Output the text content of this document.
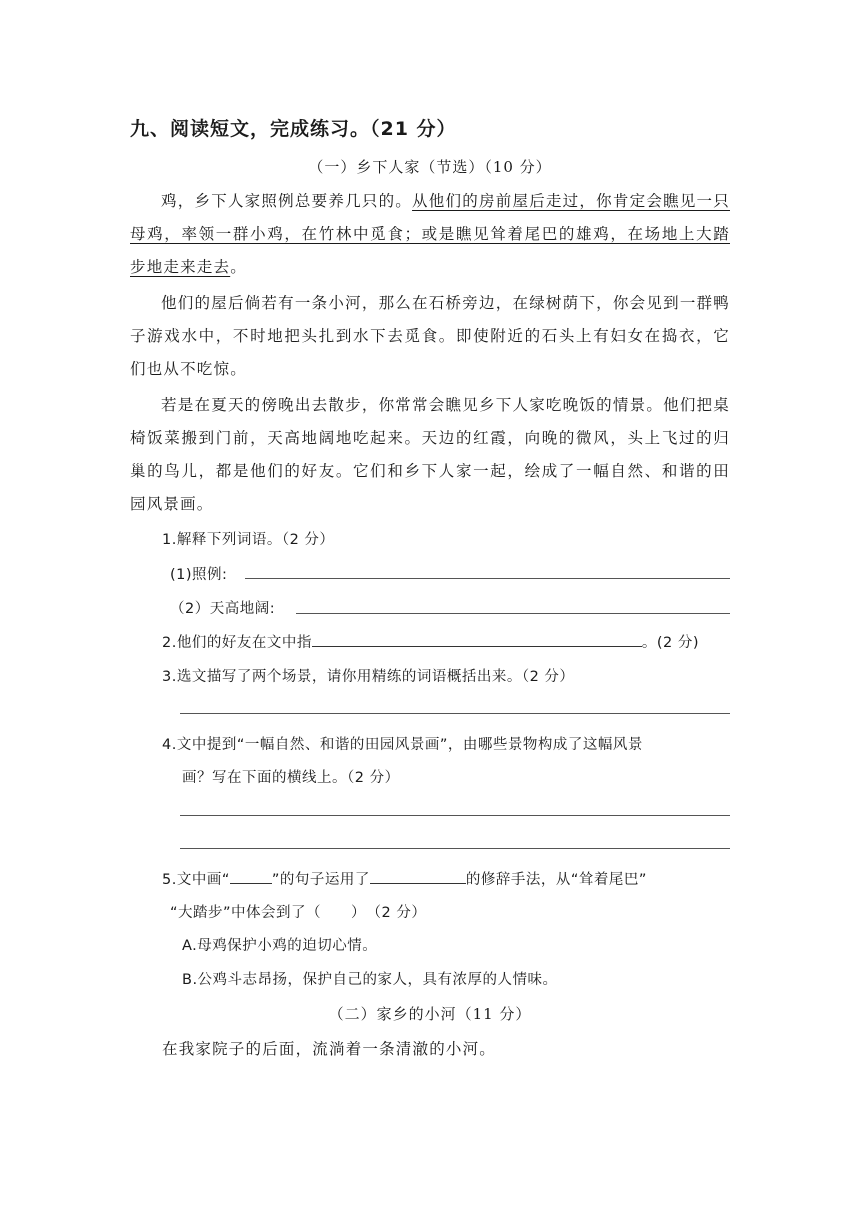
九、阅读短文，完成练习。（21 分）
（一）乡下人家（节选）（10 分）
鸡，乡下人家照例总要养几只的。从他们的房前屋后走过，你肯定会瞧见一只母鸡，率领一群小鸡，在竹林中觅食；或是瞧见耸着尾巴的雄鸡，在场地上大踏步地走来走去。
他们的屋后倘若有一条小河，那么在石桥旁边，在绿树荫下，你会见到一群鸭子游戏水中，不时地把头扎到水下去觅食。即使附近的石头上有妇女在捣衣，它们也从不吃惊。
若是在夏天的傍晚出去散步，你常常会瞧见乡下人家吃晚饭的情景。他们把桌椅饭菜搬到门前，天高地阔地吃起来。天边的红霞，向晚的微风，头上飞过的归巢的鸟儿，都是他们的好友。它们和乡下人家一起，绘成了一幅自然、和谐的田园风景画。
1.解释下列词语。（2 分）
(1)照例:
（2）天高地阔:
2.他们的好友在文中指	。(2 分)
3.选文描写了两个场景，请你用精练的词语概括出来。（2 分）
4.文中提到“一幅自然、和谐的田园风景画”，由哪些景物构成了这幅风景
画？写在下面的横线上。（2 分）
5.文中画“	”的句子运用了	的修辞手法，从“耸着尾巴”
“大踏步”中体会到了（　　）　（2 分）
A.母鸡保护小鸡的迫切心情。
B.公鸡斗志昂扬，保护自己的家人，具有浓厚的人情味。
（二）家乡的小河（11 分）
在我家院子的后面，流淌着一条清澈的小河。
